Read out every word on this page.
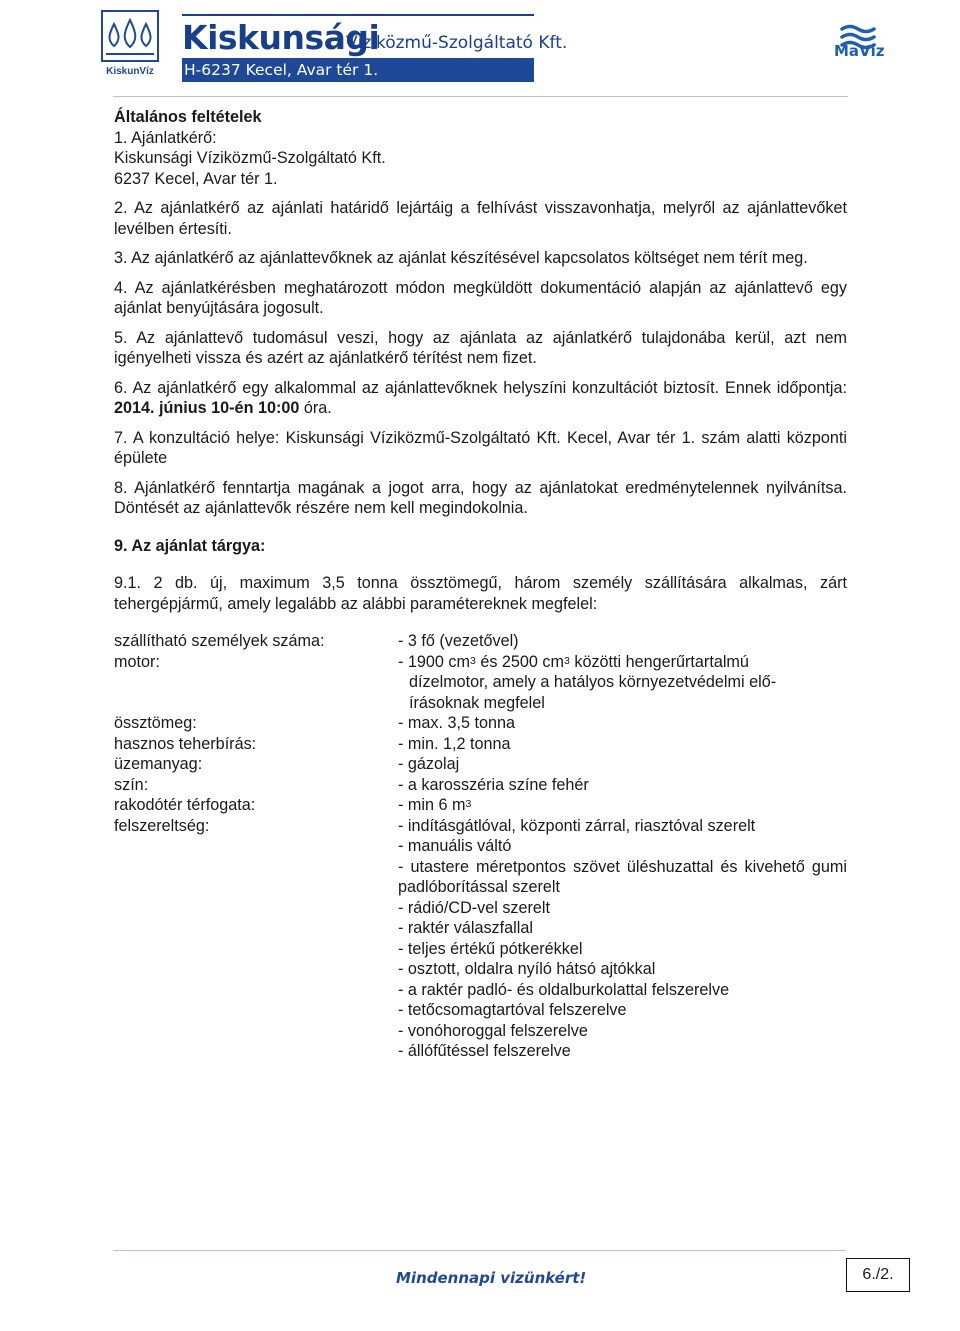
KiskunVíz
Kiskunsági
Víziközmű-Szolgáltató Kft.
H-6237 Kecel, Avar tér 1.
MaVíz

Általános feltételek

1. Ajánlatkérő:

Kiskunsági Víziközmű-Szolgáltató Kft.

6237 Kecel, Avar tér 1.

2. Az ajánlatkérő az ajánlati határidő lejártáig a felhívást visszavonhatja, melyről az ajánlattevőket levélben értesíti.

3. Az ajánlatkérő az ajánlattevőknek az ajánlat készítésével kapcsolatos költséget nem térít meg.

4. Az ajánlatkérésben meghatározott módon megküldött dokumentáció alapján az ajánlattevő egy ajánlat benyújtására jogosult.

5. Az ajánlattevő tudomásul veszi, hogy az ajánlata az ajánlatkérő tulajdonába kerül, azt nem igényelheti vissza és azért az ajánlatkérő térítést nem fizet.

6. Az ajánlatkérő egy alkalommal az ajánlattevőknek helyszíni konzultációt biztosít. Ennek időpontja: 2014. június 10-én 10:00 óra.

7. A konzultáció helye: Kiskunsági Víziközmű-Szolgáltató Kft. Kecel, Avar tér 1. szám alatti központi épülete

8. Ajánlatkérő fenntartja magának a jogot arra, hogy az ajánlatokat eredménytelennek nyilvánítsa. Döntését az ajánlattevők részére nem kell megindokolnia.

9. Az ajánlat tárgya:

9.1. 2 db. új, maximum 3,5 tonna össztömegű, három személy szállítására alkalmas, zárt tehergépjármű, amely legalább az alábbi paramétereknek megfelel:

szállítható személyek száma:	- 3 fő (vezetővel)
motor:	- 1900 $cm^3$ és 2500 $cm^3$ közötti hengerűrtartalmú
dízelmotor, amely a hatályos környezetvédelmi elő-
írásoknak megfelel
össztömeg:	- max. 3,5 tonna
hasznos teherbírás:	- min. 1,2 tonna
üzemanyag:	- gázolaj
szín:	- a karosszéria színe fehér
rakodótér térfogata:	- min 6 $m^3$
felszereltség:	- indításgátlóval, központi zárral, riasztóval szerelt
- manuális váltó
- utastere méretpontos szövet üléshuzattal és kivehető gumi padlóborítással szerelt
- rádió/CD-vel szerelt
- raktér válaszfallal
- teljes értékű pótkerékkel
- osztott, oldalra nyíló hátsó ajtókkal
- a raktér padló- és oldalburkolattal felszerelve
- tetőcsomagtartóval felszerelve
- vonóhoroggal felszerelve
- állófűtéssel felszerelve
Mindennapi vizünkért!	6./2.
